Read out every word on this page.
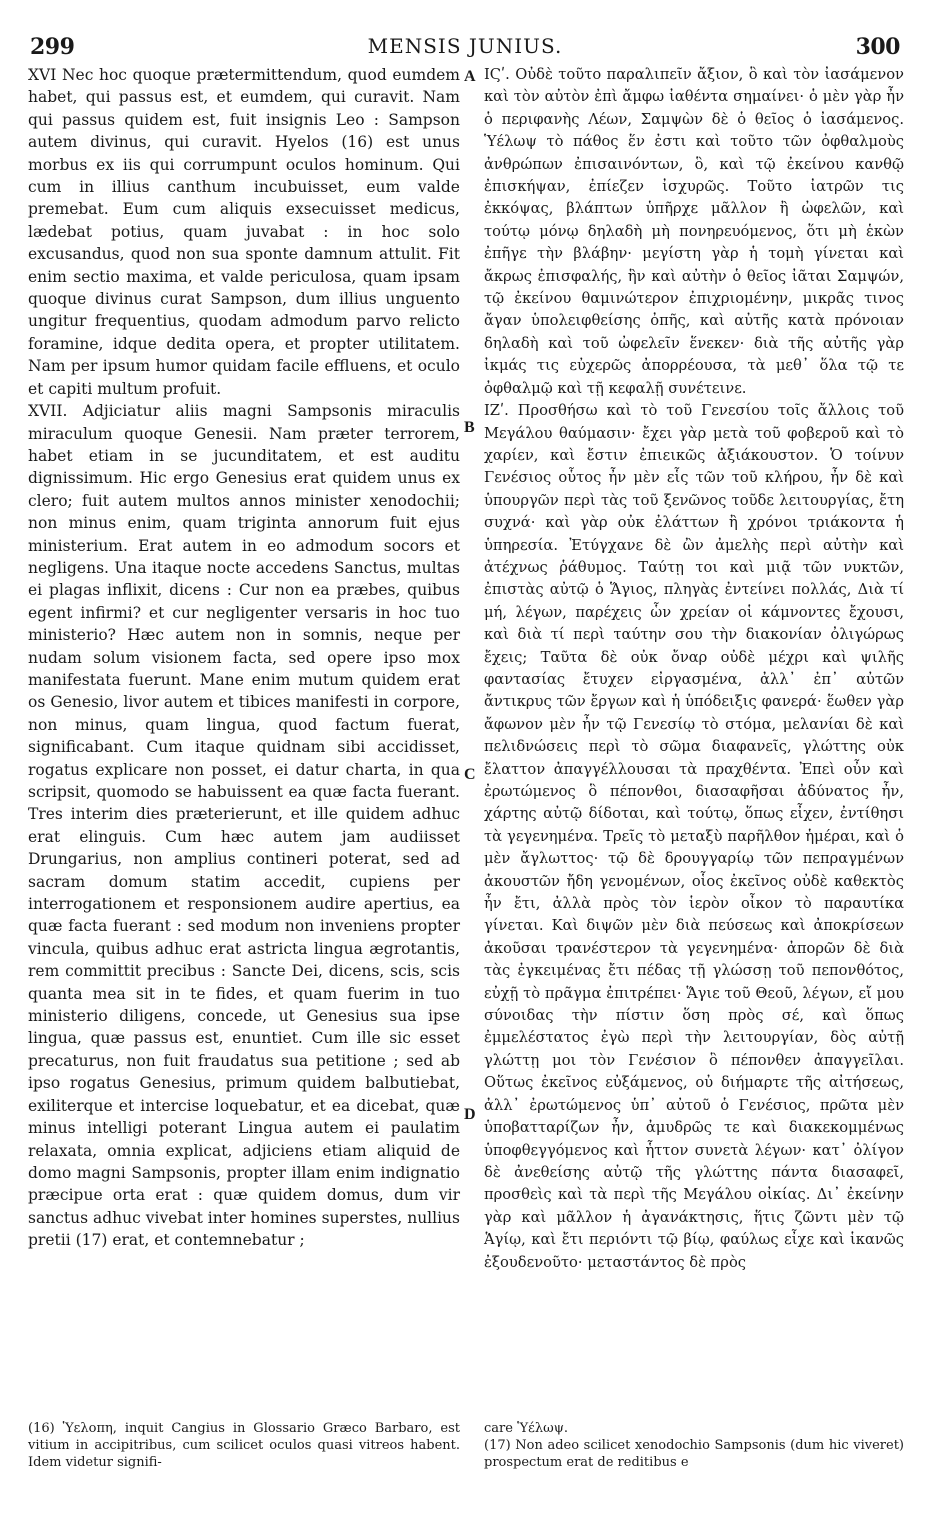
299	MENSIS JUNIUS.	300

XVI Nec hoc quoque prætermittendum, quod eumdem habet, qui passus est, et eumdem, qui curavit. Nam qui passus quidem est, fuit insignis Leo : Sampson autem divinus, qui curavit. Hyelos (16) est unus morbus ex iis qui corrumpunt oculos hominum. Qui cum in illius canthum incubuisset, eum valde premebat. Eum cum aliquis exsecuisset medicus, lædebat potius, quam juvabat : in hoc solo excusandus, quod non sua sponte damnum attulit. Fit enim sectio maxima, et valde periculosa, quam ipsam quoque divinus curat Sampson, dum illius unguento ungitur frequentius, quodam admodum parvo relicto foramine, idque dedita opera, et propter utilitatem. Nam per ipsum humor quidam facile effluens, et oculo et capiti multum profuit.

XVII. Adjiciatur aliis magni Sampsonis miraculis miraculum quoque Genesii. Nam præter terrorem, habet etiam in se jucunditatem, et est auditu dignissimum. Hic ergo Genesius erat quidem unus ex clero; fuit autem multos annos minister xenodochii; non minus enim, quam triginta annorum fuit ejus ministerium. Erat autem in eo admodum socors et negligens. Una itaque nocte accedens Sanctus, multas ei plagas inflixit, dicens : Cur non ea præbes, quibus egent infirmi? et cur negligenter versaris in hoc tuo ministerio? Hæc autem non in somnis, neque per nudam solum visionem facta, sed opere ipso mox manifestata fuerunt. Mane enim mutum quidem erat os Genesio, livor autem et tibices manifesti in corpore, non minus, quam lingua, quod factum fuerat, significabant. Cum itaque quidnam sibi accidisset, rogatus explicare non posset, ei datur charta, in qua scripsit, quomodo se habuissent ea quæ facta fuerant. Tres interim dies præterierunt, et ille quidem adhuc erat elinguis. Cum hæc autem jam audiisset Drungarius, non amplius contineri poterat, sed ad sacram domum statim accedit, cupiens per interrogationem et responsionem audire apertius, ea quæ facta fuerant : sed modum non inveniens propter vincula, quibus adhuc erat astricta lingua ægrotantis, rem committit precibus : Sancte Dei, dicens, scis, scis quanta mea sit in te fides, et quam fuerim in tuo ministerio diligens, concede, ut Genesius sua ipse lingua, quæ passus est, enuntiet. Cum ille sic esset precaturus, non fuit fraudatus sua petitione ; sed ab ipso rogatus Genesius, primum quidem balbutiebat, exiliterque et intercise loquebatur, et ea dicebat, quæ minus intelligi poterant Lingua autem ei paulatim relaxata, omnia explicat, adjiciens etiam aliquid de domo magni Sampsonis, propter illam enim indignatio præcipue orta erat : quæ quidem domus, dum vir sanctus adhuc vivebat inter homines superstes, nullius pretii (17) erat, et contemnebatur ;

ΙϚʹ. Οὐδὲ τοῦτο παραλιπεῖν ἄξιον, ὃ καὶ τὸν ἰασάμενον καὶ τὸν αὐτὸν ἐπὶ ἄμφω ἰαθέντα σημαίνει· ὁ μὲν γὰρ ἦν ὁ περιφανὴς Λέων, Σαμψὼν δὲ ὁ θεῖος ὁ ἰασάμενος. Ὑέλωψ τὸ πάθος ἕν ἐστι καὶ τοῦτο τῶν ὀφθαλμοὺς ἀνθρώπων ἐπισαινόντων, ὃ, καὶ τῷ ἐκείνου κανθῷ ἐπισκήψαν, ἐπίεζεν ἰσχυρῶς. Τοῦτο ἰατρῶν τις ἐκκόψας, βλάπτων ὑπῆρχε μᾶλλον ἢ ὠφελῶν, καὶ τούτῳ μόνῳ δηλαδὴ μὴ πονηρευόμενος, ὅτι μὴ ἑκὼν ἐπῆγε τὴν βλάβην· μεγίστη γὰρ ἡ τομὴ γίνεται καὶ ἄκρως ἐπισφαλής, ἣν καὶ αὐτὴν ὁ θεῖος ἰᾶται Σαμψών, τῷ ἐκείνου θαμινώτερον ἐπιχριομένην, μικρᾶς τινος ἄγαν ὑπολειφθείσης ὀπῆς, καὶ αὐτῆς κατὰ πρόνοιαν δηλαδὴ καὶ τοῦ ὠφελεῖν ἕνεκεν· διὰ τῆς αὐτῆς γὰρ ἰκμάς τις εὐχερῶς ἀπορρέουσα, τὰ μεθ᾽ ὅλα τῷ τε ὀφθαλμῷ καὶ τῇ κεφαλῇ συνέτεινε.

ΙΖʹ. Προσθήσω καὶ τὸ τοῦ Γενεσίου τοῖς ἄλλοις τοῦ Μεγάλου θαύμασιν· ἔχει γὰρ μετὰ τοῦ φοβεροῦ καὶ τὸ χαρίεν, καὶ ἔστιν ἐπιεικῶς ἀξιάκουστον. Ὁ τοίνυν Γενέσιος οὗτος ἦν μὲν εἷς τῶν τοῦ κλήρου, ἦν δὲ καὶ ὑπουργῶν περὶ τὰς τοῦ ξενῶνος τοῦδε λειτουργίας, ἔτη συχνά· καὶ γὰρ οὐκ ἐλάττων ἢ χρόνοι τριάκοντα ἡ ὑπηρεσία. Ἐτύγχανε δὲ ὢν ἀμελὴς περὶ αὐτὴν καὶ ἀτέχνως ῥάθυμος. Ταύτῃ τοι καὶ μιᾷ τῶν νυκτῶν, ἐπιστὰς αὐτῷ ὁ Ἅγιος, πληγὰς ἐντείνει πολλάς, Διὰ τί μή, λέγων, παρέχεις ὧν χρείαν οἱ κάμνοντες ἔχουσι, καὶ διὰ τί περὶ ταύτην σου τὴν διακονίαν ὀλιγώρως ἔχεις; Ταῦτα δὲ οὐκ ὄναρ οὐδὲ μέχρι καὶ ψιλῆς φαντασίας ἔτυχεν εἰργασμένα, ἀλλ᾽ ἐπ᾽ αὐτῶν ἄντικρυς τῶν ἔργων καὶ ἡ ὑπόδειξις φανερά· ἕωθεν γὰρ ἄφωνον μὲν ἦν τῷ Γενεσίῳ τὸ στόμα, μελανίαι δὲ καὶ πελιδνώσεις περὶ τὸ σῶμα διαφανεῖς, γλώττης οὐκ ἔλαττον ἀπαγγέλλουσαι τὰ πραχθέντα. Ἐπεὶ οὖν καὶ ἐρωτώμενος ὃ πέπονθοι, διασαφῆσαι ἀδύνατος ἦν, χάρτης αὐτῷ δίδοται, καὶ τούτῳ, ὅπως εἶχεν, ἐντίθησι τὰ γεγενημένα. Τρεῖς τὸ μεταξὺ παρῆλθον ἡμέραι, καὶ ὁ μὲν ἄγλωττος· τῷ δὲ δρουγγαρίῳ τῶν πεπραγμένων ἀκουστῶν ἤδη γενομένων, οἷος ἐκεῖνος οὐδὲ καθεκτὸς ἦν ἔτι, ἀλλὰ πρὸς τὸν ἱερὸν οἶκον τὸ παραυτίκα γίνεται. Καὶ διψῶν μὲν διὰ πεύσεως καὶ ἀποκρίσεων ἀκοῦσαι τρανέστερον τὰ γεγενημένα· ἀπορῶν δὲ διὰ τὰς ἐγκειμένας ἔτι πέδας τῇ γλώσσῃ τοῦ πεπονθότος, εὐχῇ τὸ πρᾶγμα ἐπιτρέπει· Ἅγιε τοῦ Θεοῦ, λέγων, εἴ μου σύνοιδας τὴν πίστιν ὅση πρὸς σέ, καὶ ὅπως ἐμμελέστατος ἐγὼ περὶ τὴν λειτουργίαν, δὸς αὐτῇ γλώττῃ μοι τὸν Γενέσιον ὃ πέπονθεν ἀπαγγεῖλαι. Οὕτως ἐκεῖνος εὐξάμενος, οὐ διήμαρτε τῆς αἰτήσεως, ἀλλ᾽ ἐρωτώμενος ὑπ᾽ αὐτοῦ ὁ Γενέσιος, πρῶτα μὲν ὑποβατταρίζων ἦν, ἀμυδρῶς τε καὶ διακεκομμένως ὑποφθεγγόμενος καὶ ἧττον συνετὰ λέγων· κατ᾽ ὀλίγον δὲ ἀνεθείσης αὐτῷ τῆς γλώττης πάντα διασαφεῖ, προσθεὶς καὶ τὰ περὶ τῆς Μεγάλου οἰκίας. Δι᾽ ἐκείνην γὰρ καὶ μᾶλλον ἡ ἀγανάκτησις, ἥτις ζῶντι μὲν τῷ Ἁγίῳ, καὶ ἔτι περιόντι τῷ βίῳ, φαύλως εἶχε καὶ ἱκανῶς ἐξουδενοῦτο· μεταστάντος δὲ πρὸς

A
B
C
D

(16) Ὑελοπη, inquit Cangius in Glossario Græco Barbaro, est vitium in accipitribus, cum scilicet oculos quasi vitreos habent. Idem videtur signifi-

care Ὑέλωψ.

(17) Non adeo scilicet xenodochio Sampsonis (dum hic viveret) prospectum erat de reditibus e
